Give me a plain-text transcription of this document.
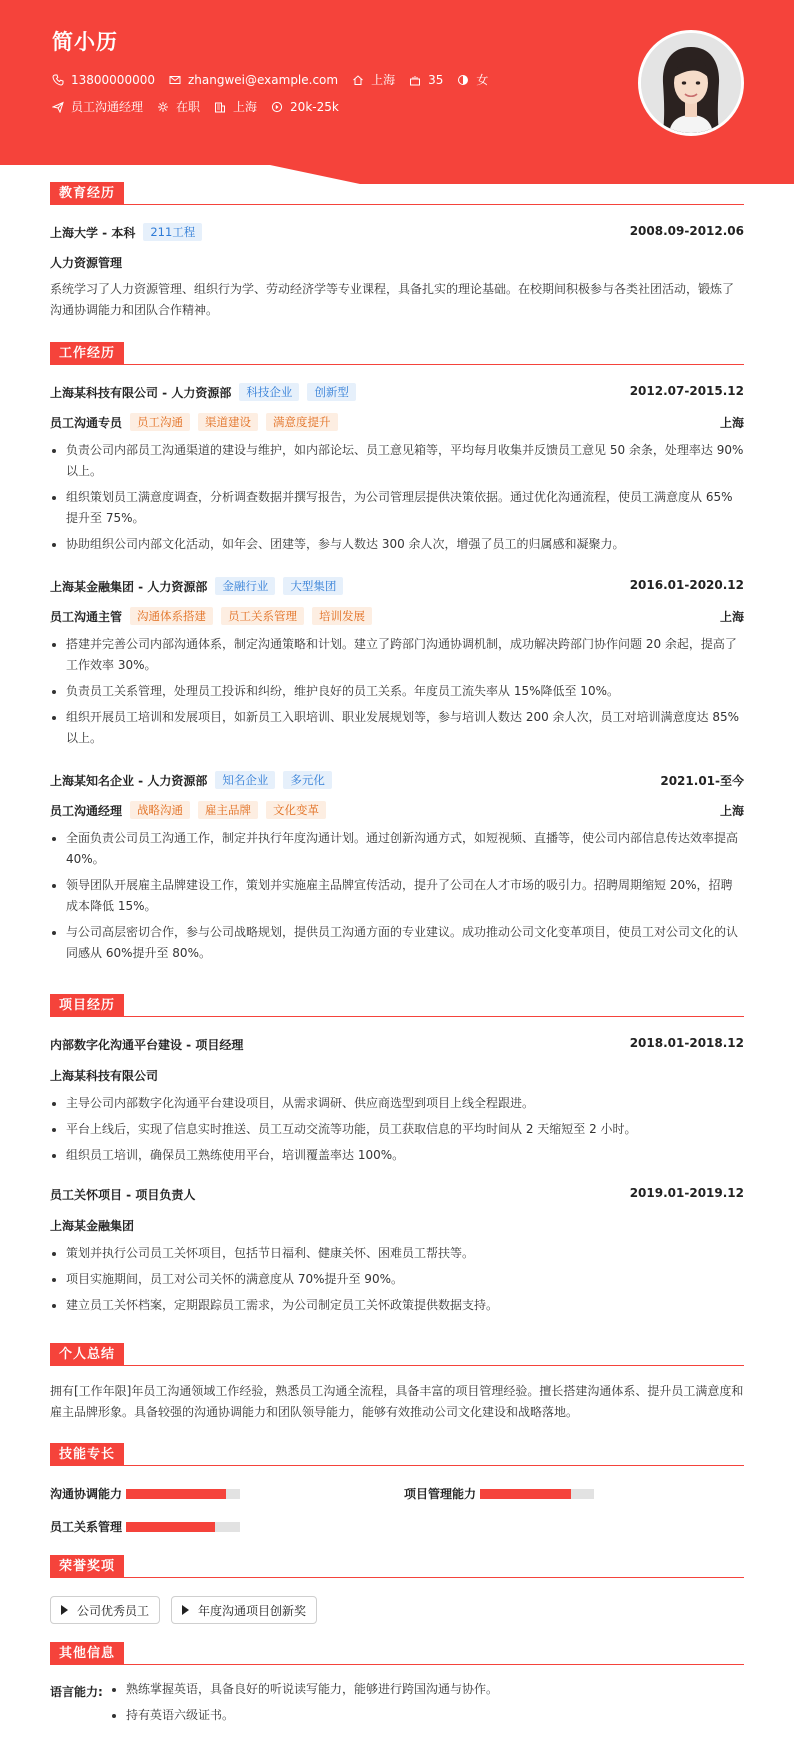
简小历
13800000000	zhangwei@example.com	上海	35	女
员工沟通经理	在职	上海	20k-25k
教育经历
上海大学 - 本科	211工程	2008.09-2012.06
人力资源管理
系统学习了人力资源管理、组织行为学、劳动经济学等专业课程，具备扎实的理论基础。在校期间积极参与各类社团活动，锻炼了沟通协调能力和团队合作精神。
工作经历
上海某科技有限公司 - 人力资源部	科技企业	创新型	2012.07-2015.12
员工沟通专员	员工沟通	渠道建设	满意度提升	上海
负责公司内部员工沟通渠道的建设与维护，如内部论坛、员工意见箱等，平均每月收集并反馈员工意见 50 余条，处理率达 90% 以上。
组织策划员工满意度调查，分析调查数据并撰写报告，为公司管理层提供决策依据。通过优化沟通流程，使员工满意度从 65% 提升至 75%。
协助组织公司内部文化活动，如年会、团建等，参与人数达 300 余人次，增强了员工的归属感和凝聚力。
上海某金融集团 - 人力资源部	金融行业	大型集团	2016.01-2020.12
员工沟通主管	沟通体系搭建	员工关系管理	培训发展	上海
搭建并完善公司内部沟通体系，制定沟通策略和计划。建立了跨部门沟通协调机制，成功解决跨部门协作问题 20 余起，提高了工作效率 30%。
负责员工关系管理，处理员工投诉和纠纷，维护良好的员工关系。年度员工流失率从 15%降低至 10%。
组织开展员工培训和发展项目，如新员工入职培训、职业发展规划等，参与培训人数达 200 余人次，员工对培训满意度达 85% 以上。
上海某知名企业 - 人力资源部	知名企业	多元化	2021.01-至今
员工沟通经理	战略沟通	雇主品牌	文化变革	上海
全面负责公司员工沟通工作，制定并执行年度沟通计划。通过创新沟通方式，如短视频、直播等，使公司内部信息传达效率提高 40%。
领导团队开展雇主品牌建设工作，策划并实施雇主品牌宣传活动，提升了公司在人才市场的吸引力。招聘周期缩短 20%，招聘成本降低 15%。
与公司高层密切合作，参与公司战略规划，提供员工沟通方面的专业建议。成功推动公司文化变革项目，使员工对公司文化的认同感从 60%提升至 80%。
项目经历
内部数字化沟通平台建设 - 项目经理	2018.01-2018.12
上海某科技有限公司
主导公司内部数字化沟通平台建设项目，从需求调研、供应商选型到项目上线全程跟进。
平台上线后，实现了信息实时推送、员工互动交流等功能，员工获取信息的平均时间从 2 天缩短至 2 小时。
组织员工培训，确保员工熟练使用平台，培训覆盖率达 100%。
员工关怀项目 - 项目负责人	2019.01-2019.12
上海某金融集团
策划并执行公司员工关怀项目，包括节日福利、健康关怀、困难员工帮扶等。
项目实施期间，员工对公司关怀的满意度从 70%提升至 90%。
建立员工关怀档案，定期跟踪员工需求，为公司制定员工关怀政策提供数据支持。
个人总结
拥有[工作年限]年员工沟通领域工作经验，熟悉员工沟通全流程，具备丰富的项目管理经验。擅长搭建沟通体系、提升员工满意度和雇主品牌形象。具备较强的沟通协调能力和团队领导能力，能够有效推动公司文化建设和战略落地。
技能专长
沟通协调能力	项目管理能力
员工关系管理
荣誉奖项
公司优秀员工	年度沟通项目创新奖
其他信息
语言能力:	熟练掌握英语，具备良好的听说读写能力，能够进行跨国沟通与协作。
持有英语六级证书。
